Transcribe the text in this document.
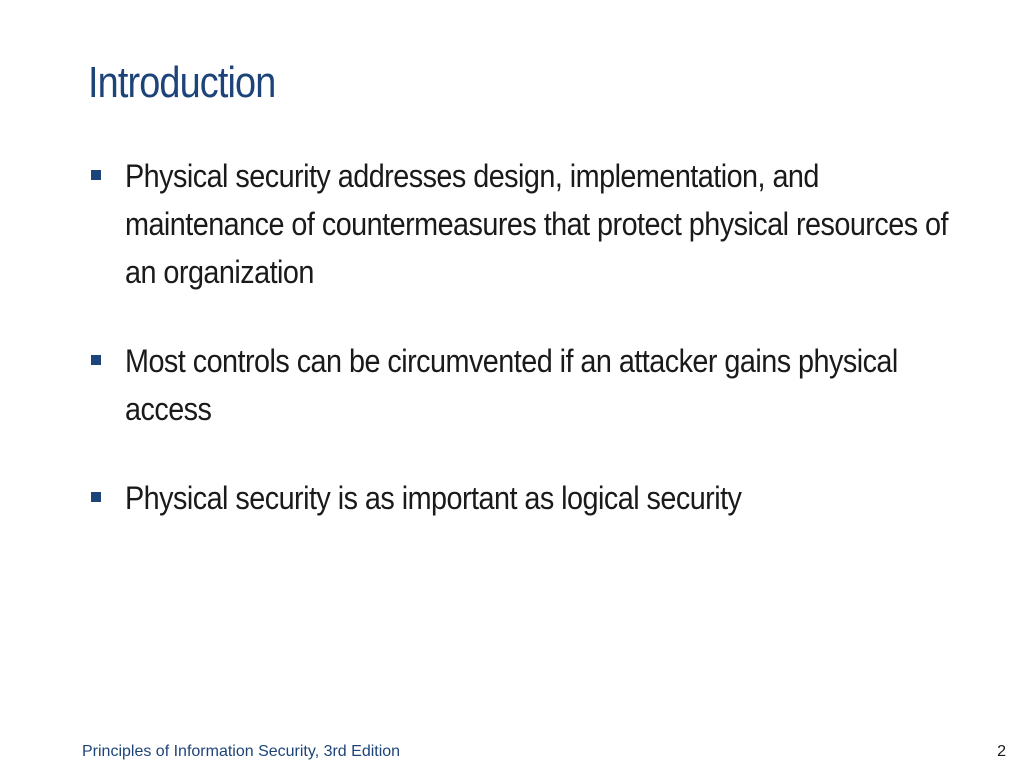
Introduction
Physical security addresses design, implementation, and maintenance of countermeasures that protect physical resources of an organization
Most controls can be circumvented if an attacker gains physical access
Physical security is as important as logical security
Principles of Information Security, 3rd Edition	2
